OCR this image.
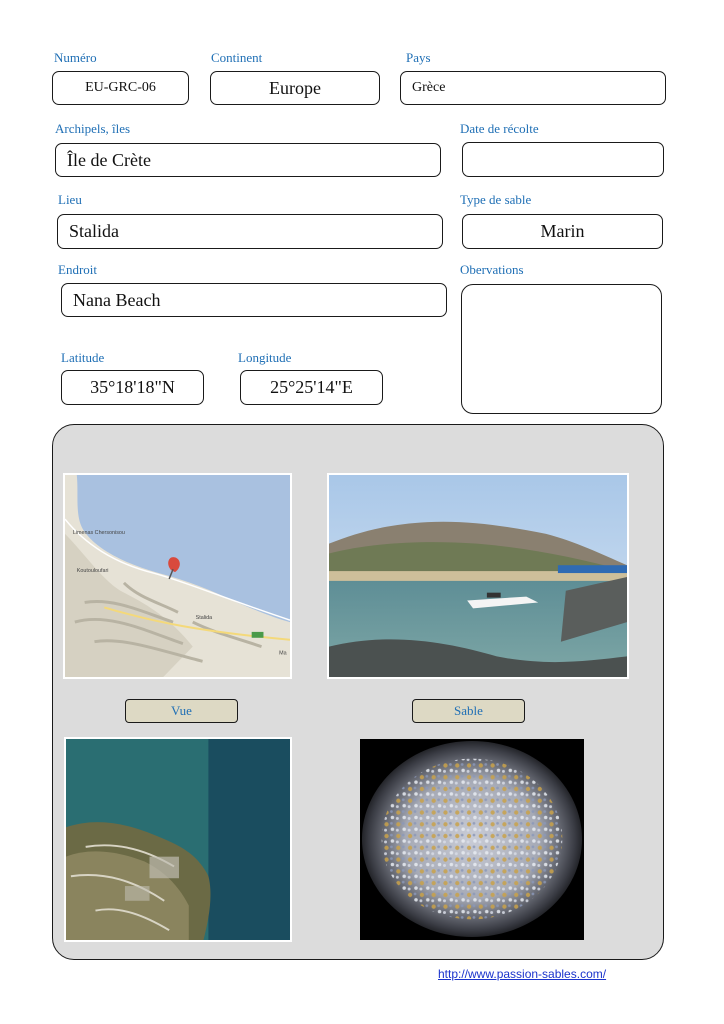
Numéro
EU-GRC-06
Continent
Europe
Pays
Grèce
Archipels, îles
Île de Crète
Date de récolte
Lieu
Stalida
Type de sable
Marin
Endroit
Nana Beach
Obervations
Latitude
35°18'18"N
Longitude
25°25'14"E
Limenas Chersonisou
Koutouloufari
Stalida
Ma
Vue	Sable
http://www.passion-sables.com/
